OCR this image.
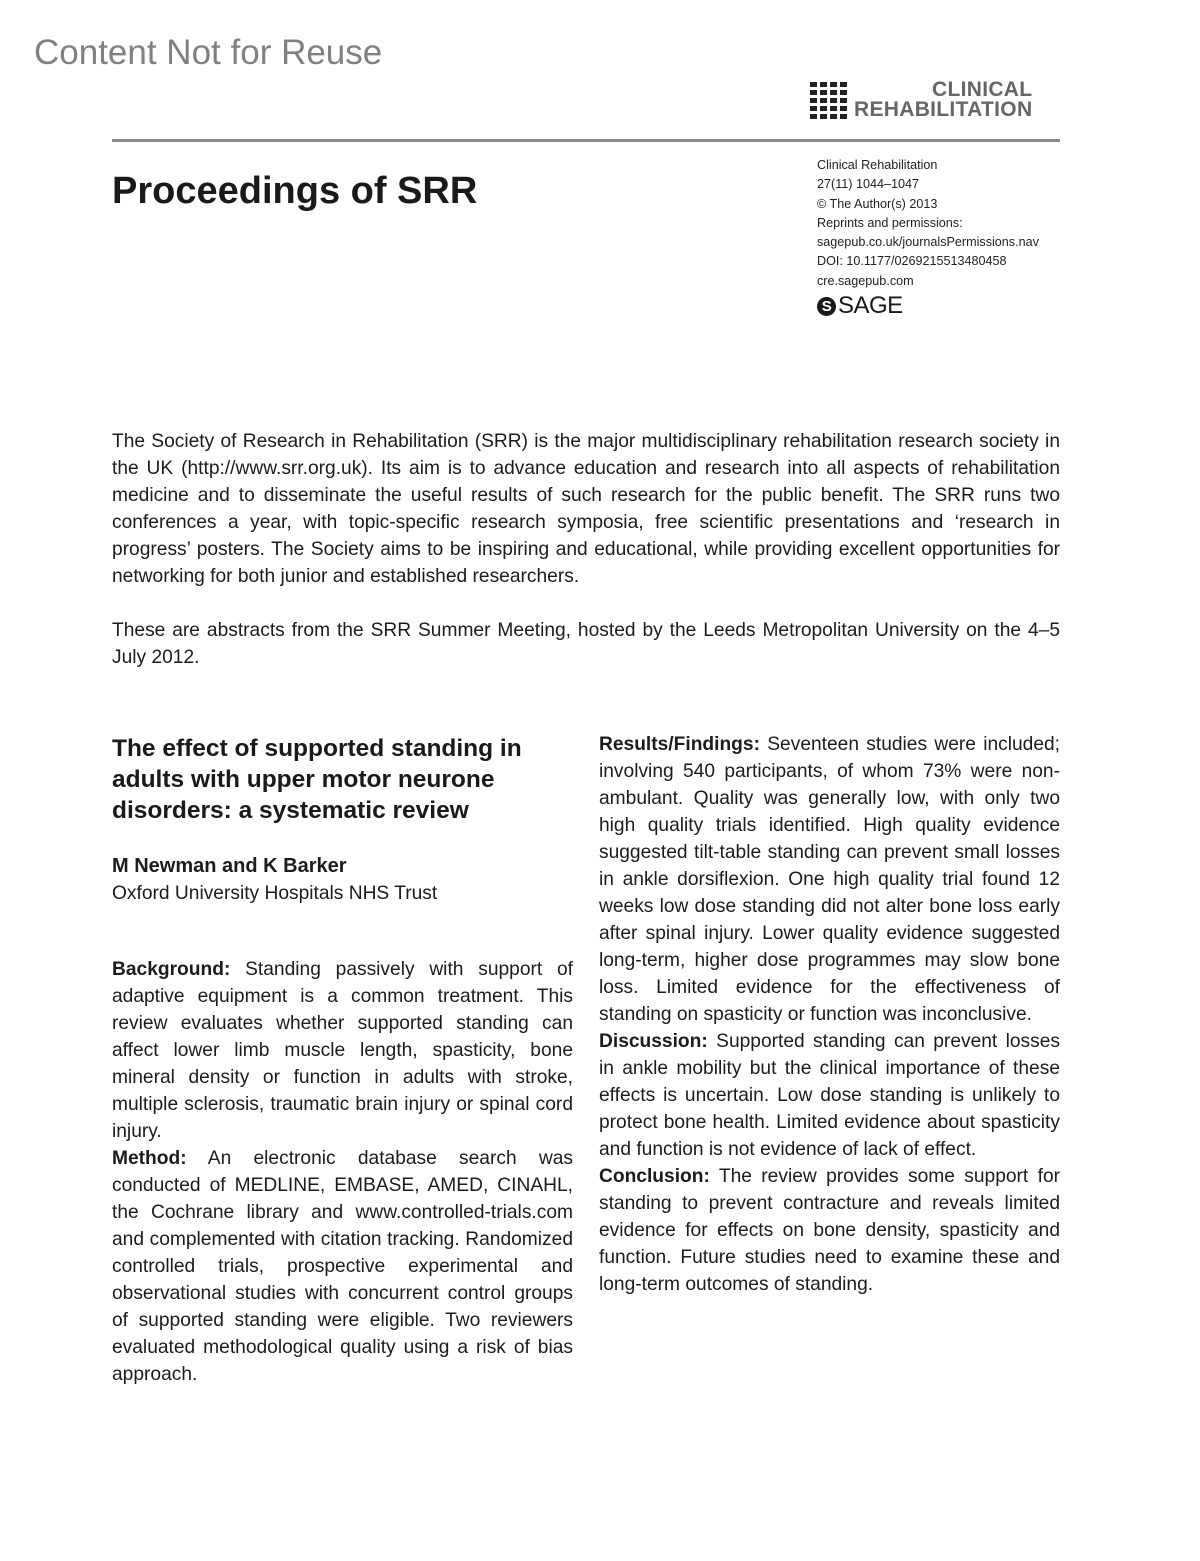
Content Not for Reuse
CLINICAL
REHABILITATION
Proceedings of SRR
Clinical Rehabilitation
27(11) 1044–1047
© The Author(s) 2013
Reprints and permissions:
sagepub.co.uk/journalsPermissions.nav
DOI: 10.1177/0269215513480458
cre.sagepub.com
S SAGE

The Society of Research in Rehabilitation (SRR) is the major multidisciplinary rehabilitation research society in the UK (http://www.srr.org.uk). Its aim is to advance education and research into all aspects of rehabilitation medicine and to disseminate the useful results of such research for the public benefit. The SRR runs two conferences a year, with topic-specific research symposia, free scientific presentations and ‘research in progress’ posters. The Society aims to be inspiring and educational, while providing excellent opportunities for networking for both junior and established researchers.

These are abstracts from the SRR Summer Meeting, hosted by the Leeds Metropolitan University on the 4–5 July 2012.

The effect of supported standing in adults with upper motor neurone disorders: a systematic review
M Newman and K Barker
Oxford University Hospitals NHS Trust
Background: Standing passively with support of adaptive equipment is a common treatment. This review evaluates whether supported standing can affect lower limb muscle length, spasticity, bone mineral density or function in adults with stroke, multiple sclerosis, traumatic brain injury or spinal cord injury.
Method: An electronic database search was conducted of MEDLINE, EMBASE, AMED, CINAHL, the Cochrane library and www.controlled-trials.com and complemented with citation tracking. Randomized controlled trials, prospective experimental and observational studies with concurrent control groups of supported standing were eligible. Two reviewers evaluated methodological quality using a risk of bias approach.
Results/Findings: Seventeen studies were included; involving 540 participants, of whom 73% were non-ambulant. Quality was generally low, with only two high quality trials identified. High quality evidence suggested tilt-table standing can prevent small losses in ankle dorsiflexion. One high quality trial found 12 weeks low dose standing did not alter bone loss early after spinal injury. Lower quality evidence suggested long-term, higher dose programmes may slow bone loss. Limited evidence for the effectiveness of standing on spasticity or function was inconclusive.
Discussion: Supported standing can prevent losses in ankle mobility but the clinical importance of these effects is uncertain. Low dose standing is unlikely to protect bone health. Limited evidence about spasticity and function is not evidence of lack of effect.
Conclusion: The review provides some support for standing to prevent contracture and reveals limited evidence for effects on bone density, spasticity and function. Future studies need to examine these and long-term outcomes of standing.
